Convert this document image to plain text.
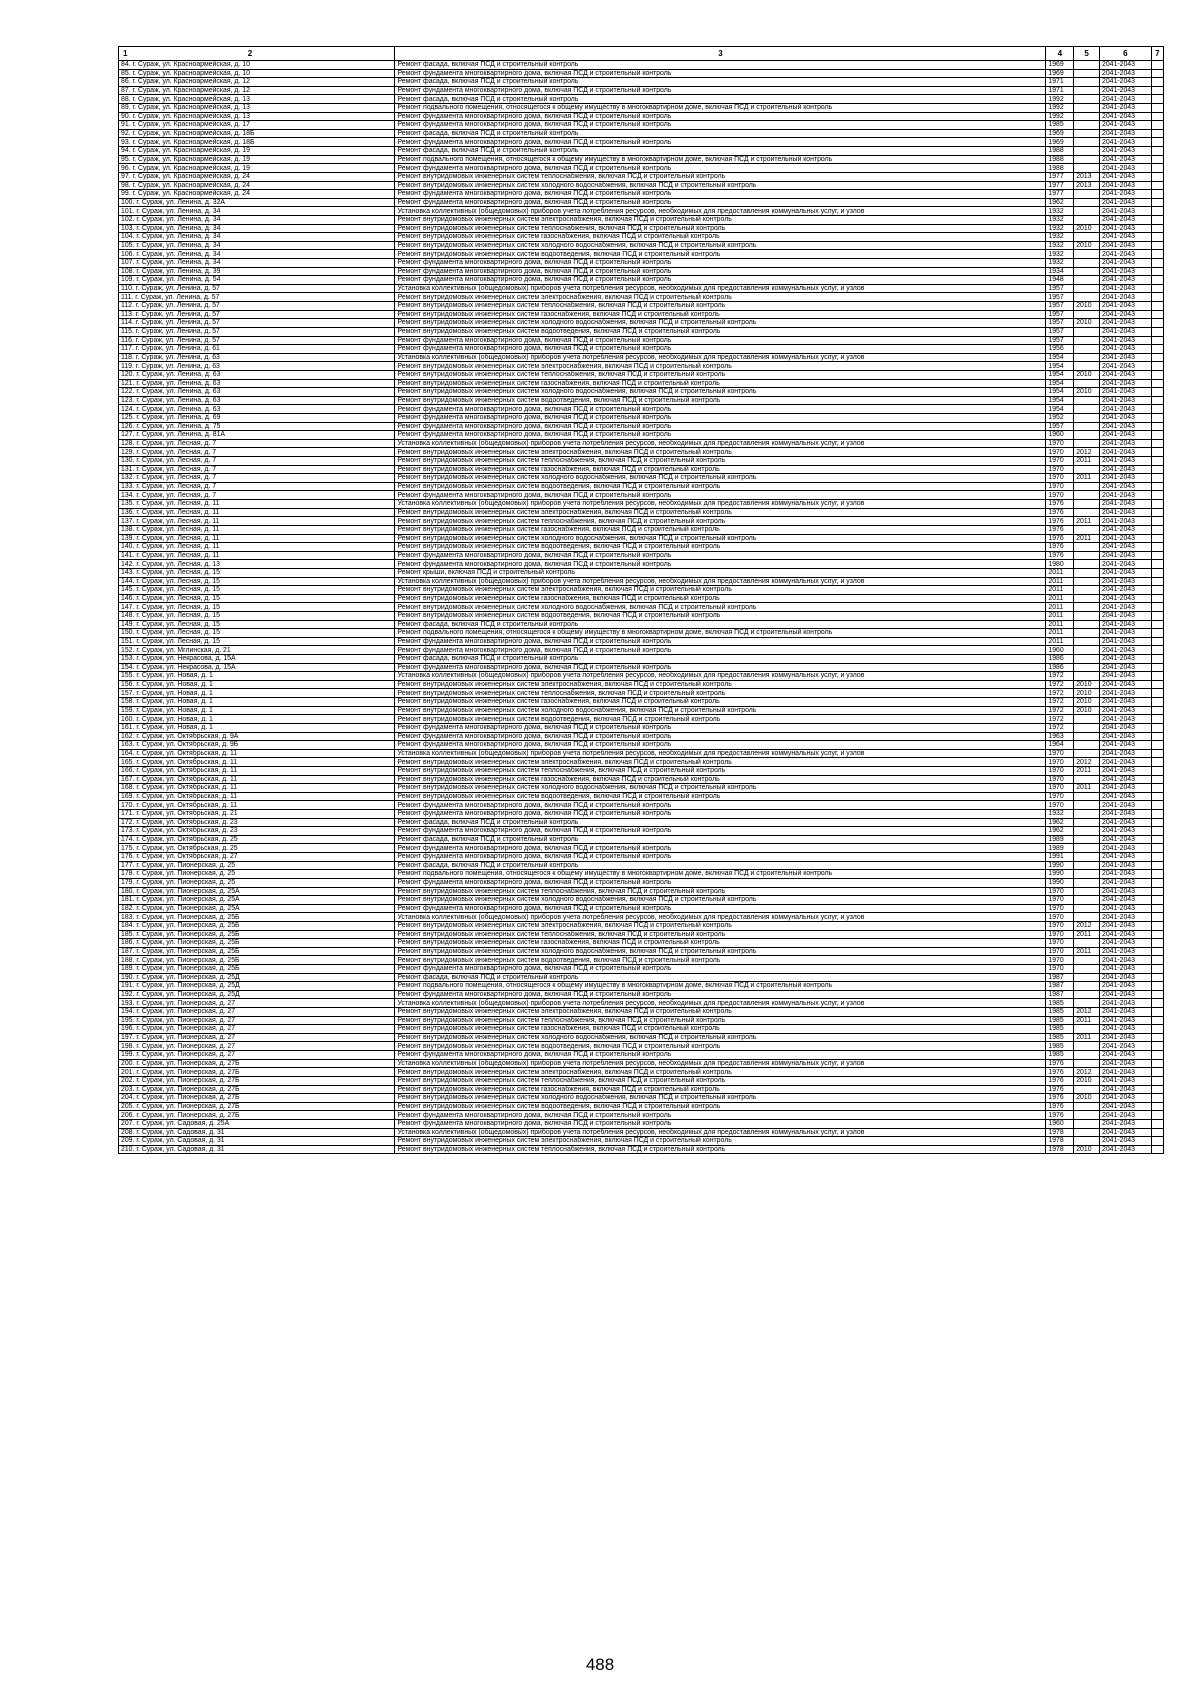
1 2	3	4	5	6	7
84. г. Сураж, ул. Красноармейская, д. 10	Ремонт фасада, включая ПСД и строительный контроль	1969		2041-2043	
85. г. Сураж, ул. Красноармейская, д. 10	Ремонт фундамента многоквартирного дома, включая ПСД и строительный контроль	1969		2041-2043	
86. г. Сураж, ул. Красноармейская, д. 12	Ремонт фасада, включая ПСД и строительный контроль	1971		2041-2043	
87. г. Сураж, ул. Красноармейская, д. 12	Ремонт фундамента многоквартирного дома, включая ПСД и строительный контроль	1971		2041-2043	
88. г. Сураж, ул. Красноармейская, д. 13	Ремонт фасада, включая ПСД и строительный контроль	1992		2041-2043	
89. г. Сураж, ул. Красноармейская, д. 13	Ремонт подвального помещения, относящегося к общему имуществу в многоквартирном доме, включая ПСД и строительный контроль	1992		2041-2043	
90. г. Сураж, ул. Красноармейская, д. 13	Ремонт фундамента многоквартирного дома, включая ПСД и строительный контроль	1992		2041-2043	
91. г. Сураж, ул. Красноармейская, д. 17	Ремонт фундамента многоквартирного дома, включая ПСД и строительный контроль	1985		2041-2043	
92. г. Сураж, ул. Красноармейская, д. 18Б	Ремонт фасада, включая ПСД и строительный контроль	1969		2041-2043	
93. г. Сураж, ул. Красноармейская, д. 18Б	Ремонт фундамента многоквартирного дома, включая ПСД и строительный контроль	1969		2041-2043	
94. г. Сураж, ул. Красноармейская, д. 19	Ремонт фасада, включая ПСД и строительный контроль	1988		2041-2043	
95. г. Сураж, ул. Красноармейская, д. 19	Ремонт подвального помещения, относящегося к общему имуществу в многоквартирном доме, включая ПСД и строительный контроль	1988		2041-2043	
96. г. Сураж, ул. Красноармейская, д. 19	Ремонт фундамента многоквартирного дома, включая ПСД и строительный контроль	1988		2041-2043	
97. г. Сураж, ул. Красноармейская, д. 24	Ремонт внутридомовых инженерных систем теплоснабжения, включая ПСД и строительный контроль	1977	2013	2041-2043	
98. г. Сураж, ул. Красноармейская, д. 24	Ремонт внутридомовых инженерных систем холодного водоснабжения, включая ПСД и строительный контроль	1977	2013	2041-2043	
99. г. Сураж, ул. Красноармейская, д. 24	Ремонт фундамента многоквартирного дома, включая ПСД и строительный контроль	1977		2041-2043	
100. г. Сураж, ул. Ленина, д. 32А	Ремонт фундамента многоквартирного дома, включая ПСД и строительный контроль	1962		2041-2043	
101. г. Сураж, ул. Ленина, д. 34	Установка коллективных (общедомовых) приборов учета потребления ресурсов, необходимых для предоставления коммунальных услуг, и узлов	1932		2041-2043	
102. г. Сураж, ул. Ленина, д. 34	Ремонт внутридомовых инженерных систем электроснабжения, включая ПСД и строительный контроль	1932		2041-2043	
103. г. Сураж, ул. Ленина, д. 34	Ремонт внутридомовых инженерных систем теплоснабжения, включая ПСД и строительный контроль	1932	2010	2041-2043	
104. г. Сураж, ул. Ленина, д. 34	Ремонт внутридомовых инженерных систем газоснабжения, включая ПСД и строительный контроль	1932		2041-2043	
105. г. Сураж, ул. Ленина, д. 34	Ремонт внутридомовых инженерных систем холодного водоснабжения, включая ПСД и строительный контроль	1932	2010	2041-2043	
106. г. Сураж, ул. Ленина, д. 34	Ремонт внутридомовых инженерных систем водоотведения, включая ПСД и строительный контроль	1932		2041-2043	
107. г. Сураж, ул. Ленина, д. 34	Ремонт фундамента многоквартирного дома, включая ПСД и строительный контроль	1932		2041-2043	
108. г. Сураж, ул. Ленина, д. 39	Ремонт фундамента многоквартирного дома, включая ПСД и строительный контроль	1934		2041-2043	
109. г. Сураж, ул. Ленина, д. 54	Ремонт фундамента многоквартирного дома, включая ПСД и строительный контроль	1948		2041-2043	
110. г. Сураж, ул. Ленина, д. 57	Установка коллективных (общедомовых) приборов учета потребления ресурсов, необходимых для предоставления коммунальных услуг, и узлов	1957		2041-2043	
111. г. Сураж, ул. Ленина, д. 57	Ремонт внутридомовых инженерных систем электроснабжения, включая ПСД и строительный контроль	1957		2041-2043	
112. г. Сураж, ул. Ленина, д. 57	Ремонт внутридомовых инженерных систем теплоснабжения, включая ПСД и строительный контроль	1957	2010	2041-2043	
113. г. Сураж, ул. Ленина, д. 57	Ремонт внутридомовых инженерных систем газоснабжения, включая ПСД и строительный контроль	1957		2041-2043	
114. г. Сураж, ул. Ленина, д. 57	Ремонт внутридомовых инженерных систем холодного водоснабжения, включая ПСД и строительный контроль	1957	2010	2041-2043	
115. г. Сураж, ул. Ленина, д. 57	Ремонт внутридомовых инженерных систем водоотведения, включая ПСД и строительный контроль	1957		2041-2043	
116. г. Сураж, ул. Ленина, д. 57	Ремонт фундамента многоквартирного дома, включая ПСД и строительный контроль	1957		2041-2043	
117. г. Сураж, ул. Ленина, д. 61	Ремонт фундамента многоквартирного дома, включая ПСД и строительный контроль	1956		2041-2043	
118. г. Сураж, ул. Ленина, д. 63	Установка коллективных (общедомовых) приборов учета потребления ресурсов, необходимых для предоставления коммунальных услуг, и узлов	1954		2041-2043	
119. г. Сураж, ул. Ленина, д. 63	Ремонт внутридомовых инженерных систем электроснабжения, включая ПСД и строительный контроль	1954		2041-2043	
120. г. Сураж, ул. Ленина, д. 63	Ремонт внутридомовых инженерных систем теплоснабжения, включая ПСД и строительный контроль	1954	2010	2041-2043	
121. г. Сураж, ул. Ленина, д. 63	Ремонт внутридомовых инженерных систем газоснабжения, включая ПСД и строительный контроль	1954		2041-2043	
122. г. Сураж, ул. Ленина, д. 63	Ремонт внутридомовых инженерных систем холодного водоснабжения, включая ПСД и строительный контроль	1954	2010	2041-2043	
123. г. Сураж, ул. Ленина, д. 63	Ремонт внутридомовых инженерных систем водоотведения, включая ПСД и строительный контроль	1954		2041-2043	
124. г. Сураж, ул. Ленина, д. 63	Ремонт фундамента многоквартирного дома, включая ПСД и строительный контроль	1954		2041-2043	
125. г. Сураж, ул. Ленина, д. 69	Ремонт фундамента многоквартирного дома, включая ПСД и строительный контроль	1952		2041-2043	
126. г. Сураж, ул. Ленина, д. 75	Ремонт фундамента многоквартирного дома, включая ПСД и строительный контроль	1957		2041-2043	
127. г. Сураж, ул. Ленина, д. 81А	Ремонт фундамента многоквартирного дома, включая ПСД и строительный контроль	1960		2041-2043	
128. г. Сураж, ул. Лесная, д. 7	Установка коллективных (общедомовых) приборов учета потребления ресурсов, необходимых для предоставления коммунальных услуг, и узлов	1970		2041-2043	
129. г. Сураж, ул. Лесная, д. 7	Ремонт внутридомовых инженерных систем электроснабжения, включая ПСД и строительный контроль	1970	2012	2041-2043	
130. г. Сураж, ул. Лесная, д. 7	Ремонт внутридомовых инженерных систем теплоснабжения, включая ПСД и строительный контроль	1970	2011	2041-2043	
131. г. Сураж, ул. Лесная, д. 7	Ремонт внутридомовых инженерных систем газоснабжения, включая ПСД и строительный контроль	1970		2041-2043	
132. г. Сураж, ул. Лесная, д. 7	Ремонт внутридомовых инженерных систем холодного водоснабжения, включая ПСД и строительный контроль	1970	2011	2041-2043	
133. г. Сураж, ул. Лесная, д. 7	Ремонт внутридомовых инженерных систем водоотведения, включая ПСД и строительный контроль	1970		2041-2043	
134. г. Сураж, ул. Лесная, д. 7	Ремонт фундамента многоквартирного дома, включая ПСД и строительный контроль	1970		2041-2043	
135. г. Сураж, ул. Лесная, д. 11	Установка коллективных (общедомовых) приборов учета потребления ресурсов, необходимых для предоставления коммунальных услуг, и узлов	1976		2041-2043	
136. г. Сураж, ул. Лесная, д. 11	Ремонт внутридомовых инженерных систем электроснабжения, включая ПСД и строительный контроль	1976		2041-2043	
137. г. Сураж, ул. Лесная, д. 11	Ремонт внутридомовых инженерных систем теплоснабжения, включая ПСД и строительный контроль	1976	2011	2041-2043	
138. г. Сураж, ул. Лесная, д. 11	Ремонт внутридомовых инженерных систем газоснабжения, включая ПСД и строительный контроль	1976		2041-2043	
139. г. Сураж, ул. Лесная, д. 11	Ремонт внутридомовых инженерных систем холодного водоснабжения, включая ПСД и строительный контроль	1976	2011	2041-2043	
140. г. Сураж, ул. Лесная, д. 11	Ремонт внутридомовых инженерных систем водоотведения, включая ПСД и строительный контроль	1976		2041-2043	
141. г. Сураж, ул. Лесная, д. 11	Ремонт фундамента многоквартирного дома, включая ПСД и строительный контроль	1976		2041-2043	
142. г. Сураж, ул. Лесная, д. 13	Ремонт фундамента многоквартирного дома, включая ПСД и строительный контроль	1980		2041-2043	
143. г. Сураж, ул. Лесная, д. 15	Ремонт крыши, включая ПСД и строительный контроль	2011		2041-2043	
144. г. Сураж, ул. Лесная, д. 15	Установка коллективных (общедомовых) приборов учета потребления ресурсов, необходимых для предоставления коммунальных услуг, и узлов	2011		2041-2043	
145. г. Сураж, ул. Лесная, д. 15	Ремонт внутридомовых инженерных систем электроснабжения, включая ПСД и строительный контроль	2011		2041-2043	
146. г. Сураж, ул. Лесная, д. 15	Ремонт внутридомовых инженерных систем газоснабжения, включая ПСД и строительный контроль	2011		2041-2043	
147. г. Сураж, ул. Лесная, д. 15	Ремонт внутридомовых инженерных систем холодного водоснабжения, включая ПСД и строительный контроль	2011		2041-2043	
148. г. Сураж, ул. Лесная, д. 15	Ремонт внутридомовых инженерных систем водоотведения, включая ПСД и строительный контроль	2011		2041-2043	
149. г. Сураж, ул. Лесная, д. 15	Ремонт фасада, включая ПСД и строительный контроль	2011		2041-2043	
150. г. Сураж, ул. Лесная, д. 15	Ремонт подвального помещения, относящегося к общему имуществу в многоквартирном доме, включая ПСД и строительный контроль	2011		2041-2043	
151. г. Сураж, ул. Лесная, д. 15	Ремонт фундамента многоквартирного дома, включая ПСД и строительный контроль	2011		2041-2043	
152. г. Сураж, ул. Мглинская, д. 21	Ремонт фундамента многоквартирного дома, включая ПСД и строительный контроль	1960		2041-2043	
153. г. Сураж, ул. Некрасова, д. 15А	Ремонт фасада, включая ПСД и строительный контроль	1986		2041-2043	
154. г. Сураж, ул. Некрасова, д. 15А	Ремонт фундамента многоквартирного дома, включая ПСД и строительный контроль	1986		2041-2043	
155. г. Сураж, ул. Новая, д. 1	Установка коллективных (общедомовых) приборов учета потребления ресурсов, необходимых для предоставления коммунальных услуг, и узлов	1972		2041-2043	
156. г. Сураж, ул. Новая, д. 1	Ремонт внутридомовых инженерных систем электроснабжения, включая ПСД и строительный контроль	1972	2010	2041-2043	
157. г. Сураж, ул. Новая, д. 1	Ремонт внутридомовых инженерных систем теплоснабжения, включая ПСД и строительный контроль	1972	2010	2041-2043	
158. г. Сураж, ул. Новая, д. 1	Ремонт внутридомовых инженерных систем газоснабжения, включая ПСД и строительный контроль	1972	2010	2041-2043	
159. г. Сураж, ул. Новая, д. 1	Ремонт внутридомовых инженерных систем холодного водоснабжения, включая ПСД и строительный контроль	1972	2010	2041-2043	
160. г. Сураж, ул. Новая, д. 1	Ремонт внутридомовых инженерных систем водоотведения, включая ПСД и строительный контроль	1972		2041-2043	
161. г. Сураж, ул. Новая, д. 1	Ремонт фундамента многоквартирного дома, включая ПСД и строительный контроль	1972		2041-2043	
162. г. Сураж, ул. Октябрьская, д. 9А	Ремонт фундамента многоквартирного дома, включая ПСД и строительный контроль	1963		2041-2043	
163. г. Сураж, ул. Октябрьская, д. 9Б	Ремонт фундамента многоквартирного дома, включая ПСД и строительный контроль	1964		2041-2043	
164. г. Сураж, ул. Октябрьская, д. 11	Установка коллективных (общедомовых) приборов учета потребления ресурсов, необходимых для предоставления коммунальных услуг, и узлов	1970		2041-2043	
165. г. Сураж, ул. Октябрьская, д. 11	Ремонт внутридомовых инженерных систем электроснабжения, включая ПСД и строительный контроль	1970	2012	2041-2043	
166. г. Сураж, ул. Октябрьская, д. 11	Ремонт внутридомовых инженерных систем теплоснабжения, включая ПСД и строительный контроль	1970	2011	2041-2043	
167. г. Сураж, ул. Октябрьская, д. 11	Ремонт внутридомовых инженерных систем газоснабжения, включая ПСД и строительный контроль	1970		2041-2043	
168. г. Сураж, ул. Октябрьская, д. 11	Ремонт внутридомовых инженерных систем холодного водоснабжения, включая ПСД и строительный контроль	1970	2011	2041-2043	
169. г. Сураж, ул. Октябрьская, д. 11	Ремонт внутридомовых инженерных систем водоотведения, включая ПСД и строительный контроль	1970		2041-2043	
170. г. Сураж, ул. Октябрьская, д. 11	Ремонт фундамента многоквартирного дома, включая ПСД и строительный контроль	1970		2041-2043	
171. г. Сураж, ул. Октябрьская, д. 21	Ремонт фундамента многоквартирного дома, включая ПСД и строительный контроль	1932		2041-2043	
172. г. Сураж, ул. Октябрьская, д. 23	Ремонт фасада, включая ПСД и строительный контроль	1962		2041-2043	
173. г. Сураж, ул. Октябрьская, д. 23	Ремонт фундамента многоквартирного дома, включая ПСД и строительный контроль	1962		2041-2043	
174. г. Сураж, ул. Октябрьская, д. 25	Ремонт фасада, включая ПСД и строительный контроль	1989		2041-2043	
175. г. Сураж, ул. Октябрьская, д. 25	Ремонт фундамента многоквартирного дома, включая ПСД и строительный контроль	1989		2041-2043	
176. г. Сураж, ул. Октябрьская, д. 27	Ремонт фундамента многоквартирного дома, включая ПСД и строительный контроль	1991		2041-2043	
177. г. Сураж, ул. Пионерская, д. 25	Ремонт фасада, включая ПСД и строительный контроль	1990		2041-2043	
178. г. Сураж, ул. Пионерская, д. 25	Ремонт подвального помещения, относящегося к общему имуществу в многоквартирном доме, включая ПСД и строительный контроль	1990		2041-2043	
179. г. Сураж, ул. Пионерская, д. 25	Ремонт фундамента многоквартирного дома, включая ПСД и строительный контроль	1990		2041-2043	
180. г. Сураж, ул. Пионерская, д. 25А	Ремонт внутридомовых инженерных систем теплоснабжения, включая ПСД и строительный контроль	1970		2041-2043	
181. г. Сураж, ул. Пионерская, д. 25А	Ремонт внутридомовых инженерных систем холодного водоснабжения, включая ПСД и строительный контроль	1970		2041-2043	
182. г. Сураж, ул. Пионерская, д. 25А	Ремонт фундамента многоквартирного дома, включая ПСД и строительный контроль	1970		2041-2043	
183. г. Сураж, ул. Пионерская, д. 25Б	Установка коллективных (общедомовых) приборов учета потребления ресурсов, необходимых для предоставления коммунальных услуг, и узлов	1970		2041-2043	
184. г. Сураж, ул. Пионерская, д. 25Б	Ремонт внутридомовых инженерных систем электроснабжения, включая ПСД и строительный контроль	1970	2012	2041-2043	
185. г. Сураж, ул. Пионерская, д. 25Б	Ремонт внутридомовых инженерных систем теплоснабжения, включая ПСД и строительный контроль	1970	2011	2041-2043	
186. г. Сураж, ул. Пионерская, д. 25Б	Ремонт внутридомовых инженерных систем газоснабжения, включая ПСД и строительный контроль	1970		2041-2043	
187. г. Сураж, ул. Пионерская, д. 25Б	Ремонт внутридомовых инженерных систем холодного водоснабжения, включая ПСД и строительный контроль	1970	2011	2041-2043	
188. г. Сураж, ул. Пионерская, д. 25Б	Ремонт внутридомовых инженерных систем водоотведения, включая ПСД и строительный контроль	1970		2041-2043	
189. г. Сураж, ул. Пионерская, д. 25Б	Ремонт фундамента многоквартирного дома, включая ПСД и строительный контроль	1970		2041-2043	
190. г. Сураж, ул. Пионерская, д. 25Д	Ремонт фасада, включая ПСД и строительный контроль	1987		2041-2043	
191. г. Сураж, ул. Пионерская, д. 25Д	Ремонт подвального помещения, относящегося к общему имуществу в многоквартирном доме, включая ПСД и строительный контроль	1987		2041-2043	
192. г. Сураж, ул. Пионерская, д. 25Д	Ремонт фундамента многоквартирного дома, включая ПСД и строительный контроль	1987		2041-2043	
193. г. Сураж, ул. Пионерская, д. 27	Установка коллективных (общедомовых) приборов учета потребления ресурсов, необходимых для предоставления коммунальных услуг, и узлов	1985		2041-2043	
194. г. Сураж, ул. Пионерская, д. 27	Ремонт внутридомовых инженерных систем электроснабжения, включая ПСД и строительный контроль	1985	2012	2041-2043	
195. г. Сураж, ул. Пионерская, д. 27	Ремонт внутридомовых инженерных систем теплоснабжения, включая ПСД и строительный контроль	1985	2011	2041-2043	
196. г. Сураж, ул. Пионерская, д. 27	Ремонт внутридомовых инженерных систем газоснабжения, включая ПСД и строительный контроль	1985		2041-2043	
197. г. Сураж, ул. Пионерская, д. 27	Ремонт внутридомовых инженерных систем холодного водоснабжения, включая ПСД и строительный контроль	1985	2011	2041-2043	
198. г. Сураж, ул. Пионерская, д. 27	Ремонт внутридомовых инженерных систем водоотведения, включая ПСД и строительный контроль	1985		2041-2043	
199. г. Сураж, ул. Пионерская, д. 27	Ремонт фундамента многоквартирного дома, включая ПСД и строительный контроль	1985		2041-2043	
200. г. Сураж, ул. Пионерская, д. 27Б	Установка коллективных (общедомовых) приборов учета потребления ресурсов, необходимых для предоставления коммунальных услуг, и узлов	1976		2041-2043	
201. г. Сураж, ул. Пионерская, д. 27Б	Ремонт внутридомовых инженерных систем электроснабжения, включая ПСД и строительный контроль	1976	2012	2041-2043	
202. г. Сураж, ул. Пионерская, д. 27Б	Ремонт внутридомовых инженерных систем теплоснабжения, включая ПСД и строительный контроль	1976	2010	2041-2043	
203. г. Сураж, ул. Пионерская, д. 27Б	Ремонт внутридомовых инженерных систем газоснабжения, включая ПСД и строительный контроль	1976		2041-2043	
204. г. Сураж, ул. Пионерская, д. 27Б	Ремонт внутридомовых инженерных систем холодного водоснабжения, включая ПСД и строительный контроль	1976	2010	2041-2043	
205. г. Сураж, ул. Пионерская, д. 27Б	Ремонт внутридомовых инженерных систем водоотведения, включая ПСД и строительный контроль	1976		2041-2043	
206. г. Сураж, ул. Пионерская, д. 27Б	Ремонт фундамента многоквартирного дома, включая ПСД и строительный контроль	1976		2041-2043	
207. г. Сураж, ул. Садовая, д. 25А	Ремонт фундамента многоквартирного дома, включая ПСД и строительный контроль	1960		2041-2043	
208. г. Сураж, ул. Садовая, д. 31	Установка коллективных (общедомовых) приборов учета потребления ресурсов, необходимых для предоставления коммунальных услуг, и узлов	1978		2041-2043	
209. г. Сураж, ул. Садовая, д. 31	Ремонт внутридомовых инженерных систем электроснабжения, включая ПСД и строительный контроль	1978		2041-2043	
210. г. Сураж, ул. Садовая, д. 31	Ремонт внутридомовых инженерных систем теплоснабжения, включая ПСД и строительный контроль	1978	2010	2041-2043	
488
